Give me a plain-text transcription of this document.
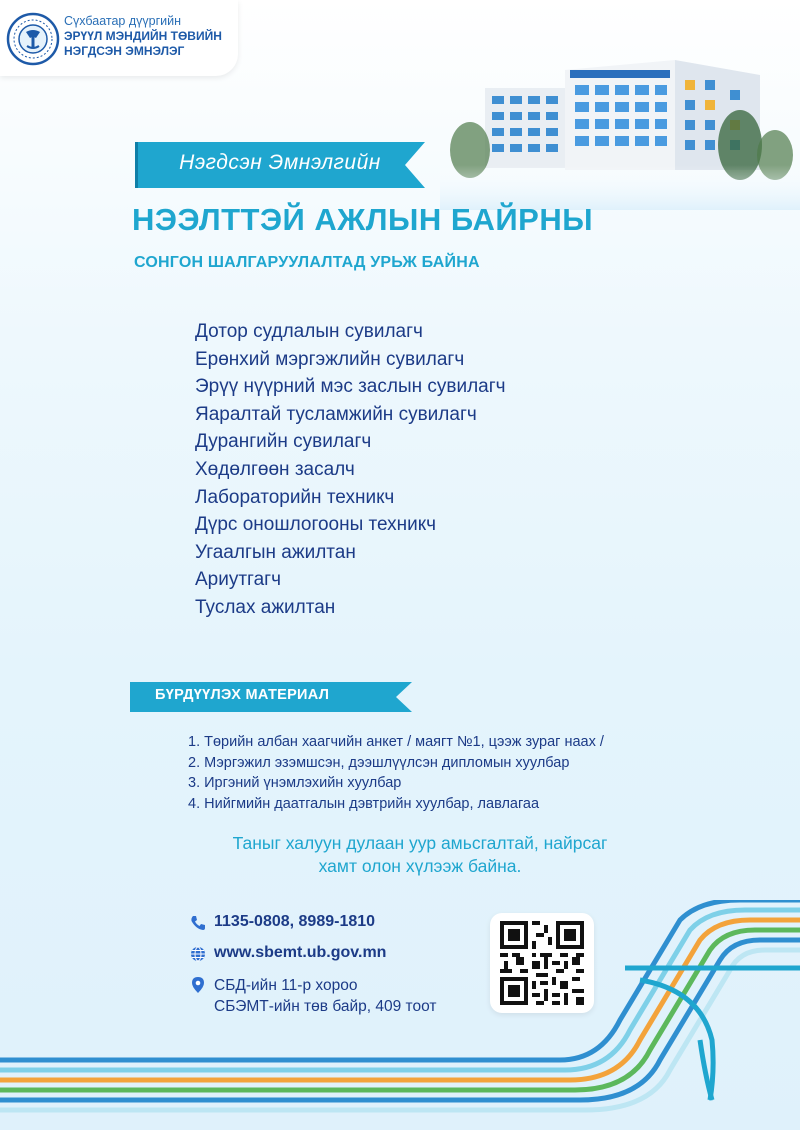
Сүхбаатар дүүргийн
ЭРҮҮЛ МЭНДИЙН ТӨВИЙН
НЭГДСЭН ЭМНЭЛЭГ
Нэгдсэн Эмнэлгийн
НЭЭЛТТЭЙ АЖЛЫН БАЙРНЫ
СОНГОН ШАЛГАРУУЛАЛТАД УРЬЖ БАЙНА
Дотор судлалын сувилагч
Ерөнхий мэргэжлийн сувилагч
Эрүү нүүрний мэс заслын сувилагч
Яаралтай тусламжийн сувилагч
Дурангийн сувилагч
Хөдөлгөөн засалч
Лабораторийн техникч
Дүрс оношлогооны техникч
Угаалгын ажилтан
Ариутгагч
Туслах ажилтан
БҮРДҮҮЛЭХ МАТЕРИАЛ
1. Төрийн албан хаагчийн анкет / маягт №1, цээж зураг наах /
2. Мэргэжил эзэмшсэн, дээшлүүлсэн дипломын хуулбар
3. Иргэний үнэмлэхийн хуулбар
4. Нийгмийн даатгалын дэвтрийн хуулбар, лавлагаа
Таныг халуун дулаан уур амьсгалтай, найрсаг
хамт олон хүлээж байна.
1135-0808, 8989-1810
www.sbemt.ub.gov.mn
СБД-ийн 11-р хороо
СБЭМТ-ийн төв байр, 409 тоот
